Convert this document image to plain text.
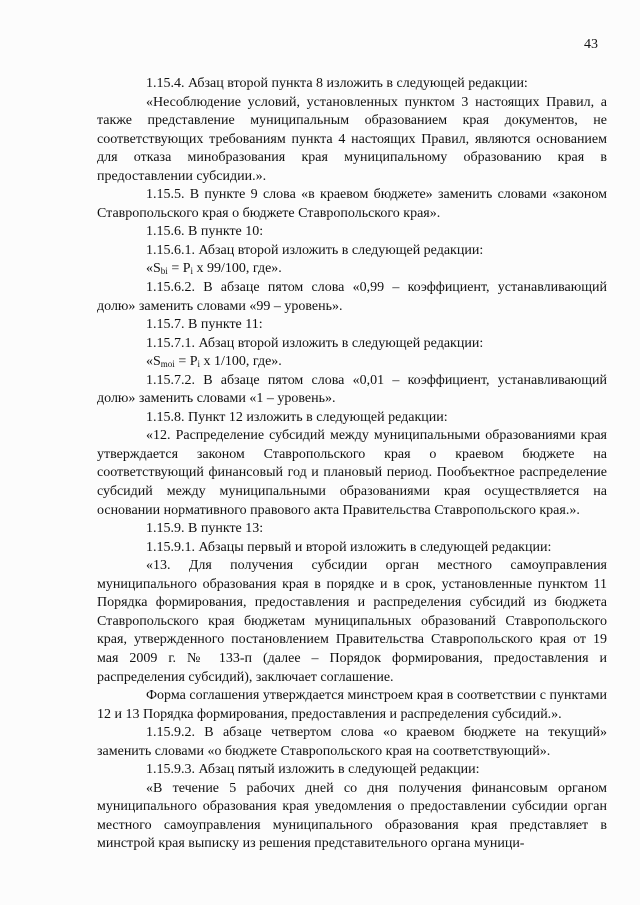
43

1.15.4. Абзац второй пункта 8 изложить в следующей редакции:

«Несоблюдение условий, установленных пунктом 3 настоящих Правил, а также представление муниципальным образованием края документов, не соответствующих требованиям пункта 4 настоящих Правил, являются основанием для отказа минобразования края муниципальному образованию края в предоставлении субсидии.».

1.15.5. В пункте 9 слова «в краевом бюджете» заменить словами «законом Ставропольского края о бюджете Ставропольского края».

1.15.6. В пункте 10:

1.15.6.1. Абзац второй изложить в следующей редакции:

«$S_{bi} = P_i$ x 99/100, где».

1.15.6.2. В абзаце пятом слова «0,99 – коэффициент, устанавливающий долю» заменить словами «99 – уровень».

1.15.7. В пункте 11:

1.15.7.1. Абзац второй изложить в следующей редакции:

«$S_{moi} = P_i$ x 1/100, где».

1.15.7.2. В абзаце пятом слова «0,01 – коэффициент, устанавливающий долю» заменить словами «1 – уровень».

1.15.8. Пункт 12 изложить в следующей редакции:

«12. Распределение субсидий между муниципальными образованиями края утверждается законом Ставропольского края о краевом бюджете на соответствующий финансовый год и плановый период. Пообъектное распределение субсидий между муниципальными образованиями края осуществляется на основании нормативного правового акта Правительства Ставропольского края.».

1.15.9. В пункте 13:

1.15.9.1. Абзацы первый и второй изложить в следующей редакции:

«13. Для получения субсидии орган местного самоуправления муниципального образования края в порядке и в срок, установленные пунктом 11 Порядка формирования, предоставления и распределения субсидий из бюджета Ставропольского края бюджетам муниципальных образований Ставропольского края, утвержденного постановлением Правительства Ставропольского края от 19 мая 2009 г. № 133-п (далее – Порядок формирования, предоставления и распределения субсидий), заключает соглашение.

Форма соглашения утверждается минстроем края в соответствии с пунктами 12 и 13 Порядка формирования, предоставления и распределения субсидий.».

1.15.9.2. В абзаце четвертом слова «о краевом бюджете на текущий» заменить словами «о бюджете Ставропольского края на соответствующий».

1.15.9.3. Абзац пятый изложить в следующей редакции:

«В течение 5 рабочих дней со дня получения финансовым органом муниципального образования края уведомления о предоставлении субсидии орган местного самоуправления муниципального образования края представляет в минстрой края выписку из решения представительного органа муници-
